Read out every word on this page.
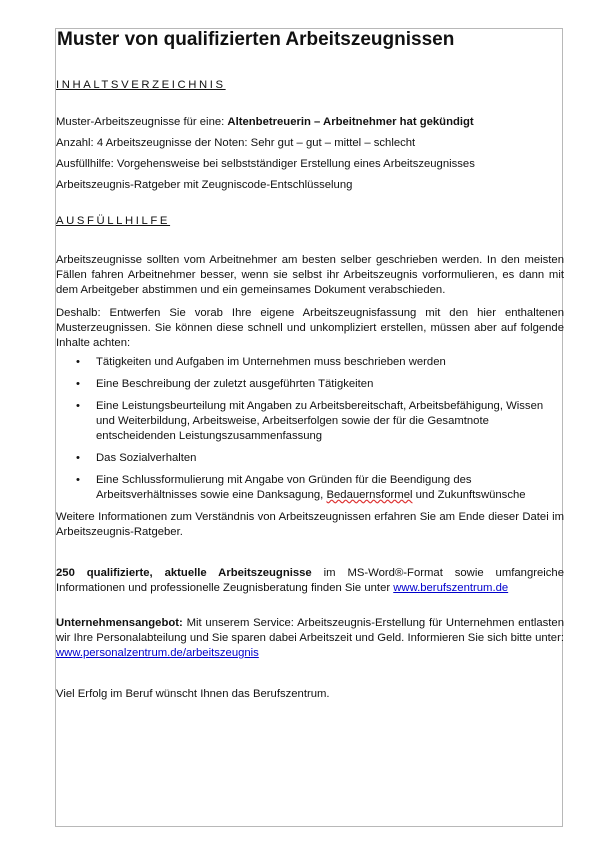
Muster von qualifizierten Arbeitszeugnissen

INHALTSVERZEICHNIS

Muster-Arbeitszeugnisse für eine: Altenbetreuerin – Arbeitnehmer hat gekündigt

Anzahl: 4 Arbeitszeugnisse der Noten: Sehr gut – gut – mittel – schlecht

Ausfüllhilfe: Vorgehensweise bei selbstständiger Erstellung eines Arbeitszeugnisses

Arbeitszeugnis-Ratgeber mit Zeugniscode-Entschlüsselung

AUSFÜLLHILFE

Arbeitszeugnisse sollten vom Arbeitnehmer am besten selber geschrieben werden. In den meisten Fällen fahren Arbeitnehmer besser, wenn sie selbst ihr Arbeitszeugnis vorformulieren, es dann mit dem Arbeitgeber abstimmen und ein gemeinsames Dokument verabschieden.

Deshalb: Entwerfen Sie vorab Ihre eigene Arbeitszeugnisfassung mit den hier enthaltenen Musterzeugnissen. Sie können diese schnell und unkompliziert erstellen, müssen aber auf folgende Inhalte achten:

• Tätigkeiten und Aufgaben im Unternehmen muss beschrieben werden
• Eine Beschreibung der zuletzt ausgeführten Tätigkeiten
• Eine Leistungsbeurteilung mit Angaben zu Arbeitsbereitschaft, Arbeitsbefähigung, Wissen und Weiterbildung, Arbeitsweise, Arbeitserfolgen sowie der für die Gesamtnote entscheidenden Leistungszusammenfassung
• Das Sozialverhalten
• Eine Schlussformulierung mit Angabe von Gründen für die Beendigung des Arbeitsverhältnisses sowie eine Danksagung, Bedauernsformel und Zukunftswünsche

Weitere Informationen zum Verständnis von Arbeitszeugnissen erfahren Sie am Ende dieser Datei im Arbeitszeugnis-Ratgeber.

250 qualifizierte, aktuelle Arbeitszeugnisse im MS-Word®-Format sowie umfangreiche Informationen und professionelle Zeugnisberatung finden Sie unter www.berufszentrum.de

Unternehmensangebot: Mit unserem Service: Arbeitszeugnis-Erstellung für Unternehmen entlasten wir Ihre Personalabteilung und Sie sparen dabei Arbeitszeit und Geld. Informieren Sie sich bitte unter: www.personalzentrum.de/arbeitszeugnis

Viel Erfolg im Beruf wünscht Ihnen das Berufszentrum.
